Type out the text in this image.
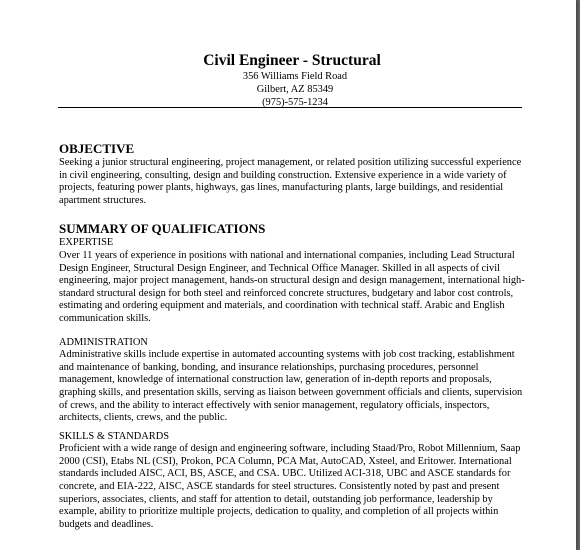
Civil Engineer - Structural
356 Williams Field Road
Gilbert, AZ 85349
(975)-575-1234
OBJECTIVE

Seeking a junior structural engineering, project management, or related position utilizing successful experience in civil engineering, consulting, design and building construction. Extensive experience in a wide variety of projects, featuring power plants, highways, gas lines, manufacturing plants, large buildings, and residential apartment structures.

SUMMARY OF QUALIFICATIONS
EXPERTISE

Over 11 years of experience in positions with national and international companies, including Lead Structural Design Engineer, Structural Design Engineer, and Technical Office Manager. Skilled in all aspects of civil engineering, major project management, hands-on structural design and design management, international high-standard structural design for both steel and reinforced concrete structures, budgetary and labor cost controls, estimating and ordering equipment and materials, and coordination with technical staff. Arabic and English communication skills.

ADMINISTRATION

Administrative skills include expertise in automated accounting systems with job cost tracking, establishment and maintenance of banking, bonding, and insurance relationships, purchasing procedures, personnel management, knowledge of international construction law, generation of in-depth reports and proposals, graphing skills, and presentation skills, serving as liaison between government officials and clients, supervision of crews, and the ability to interact effectively with senior management, regulatory officials, inspectors, architects, clients, crews, and the public.

SKILLS & STANDARDS

Proficient with a wide range of design and engineering software, including Staad/Pro, Robot Millennium, Saap 2000 (CSI), Etabs NL (CSI), Prokon, PCA Column, PCA Mat, AutoCAD, Xsteel, and Eritower. International standards included AISC, ACI, BS, ASCE, and CSA. UBC. Utilized ACI-318, UBC and ASCE standards for concrete, and EIA-222, AISC, ASCE standards for steel structures. Consistently noted by past and present superiors, associates, clients, and staff for attention to detail, outstanding job performance, leadership by example, ability to prioritize multiple projects, dedication to quality, and completion of all projects within budgets and deadlines.
